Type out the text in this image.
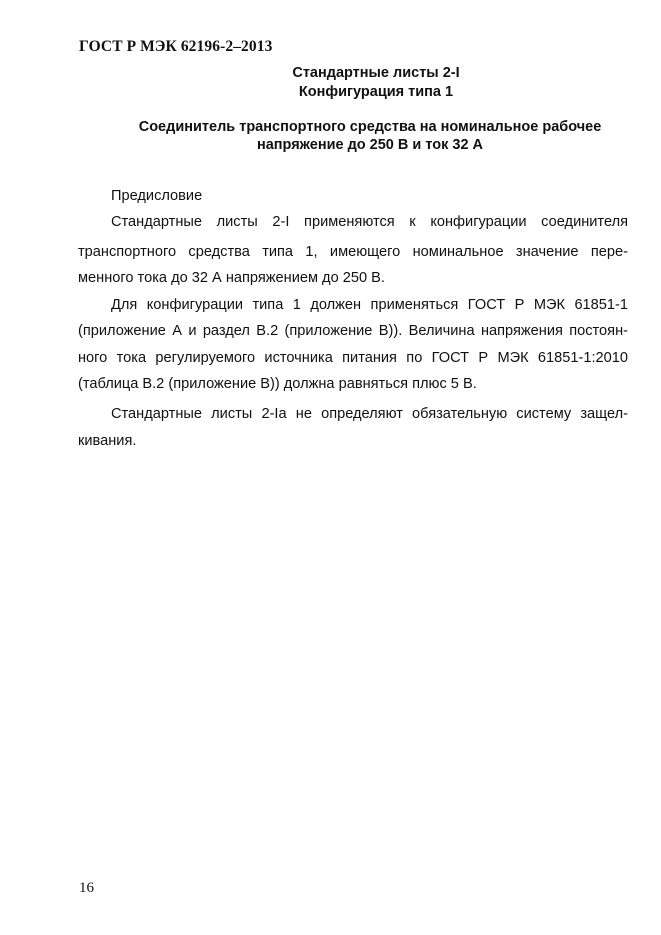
ГОСТ Р МЭК 62196-2–2013
Стандартные листы 2-I
Конфигурация типа 1
Соединитель транспортного средства на номинальное рабочее
напряжение до 250 В и ток 32 А
Предисловие
Стандартные листы 2-I применяются к конфигурации соединителя
транспортного средства типа 1, имеющего номинальное значение пере-
менного тока до 32 А напряжением до 250 В.
Для конфигурации типа 1 должен применяться ГОСТ Р МЭК 61851-1
(приложение А и раздел В.2 (приложение В)). Величина напряжения постоян-
ного тока регулируемого источника питания по ГОСТ Р МЭК 61851-1:2010
(таблица В.2 (приложение В)) должна равняться плюс 5 В.
Стандартные листы 2-Iа не определяют обязательную систему защел-
кивания.
16
